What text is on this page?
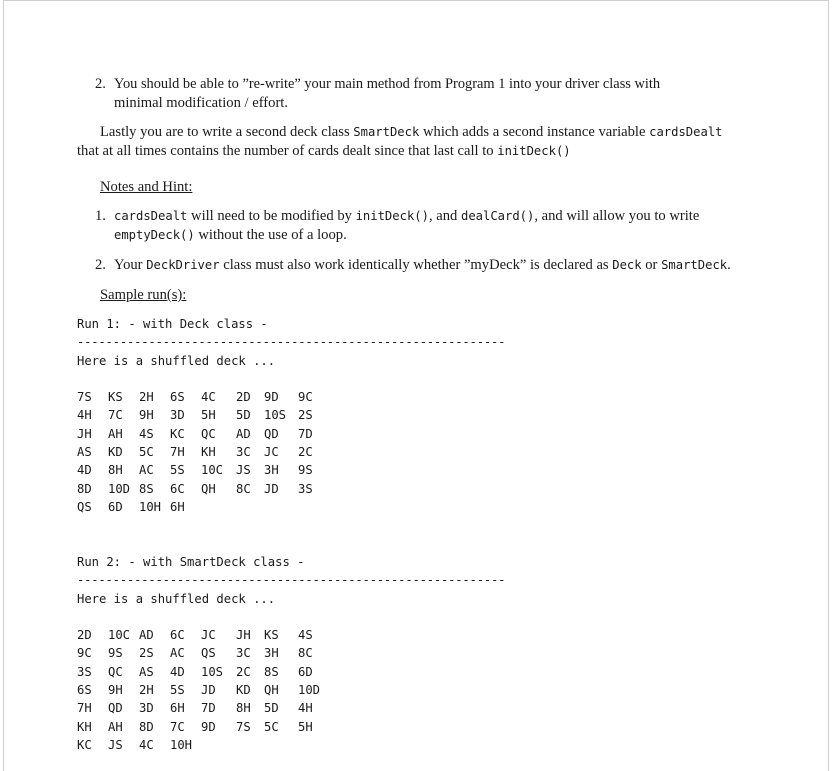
2. You should be able to ”re-write” your main method from Program 1 into your driver class with
minimal modification / effort.
Lastly you are to write a second deck class SmartDeck which adds a second instance variable cardsDealt
that at all times contains the number of cards dealt since that last call to initDeck()
Notes and Hint:
1. cardsDealt will need to be modified by initDeck(), and dealCard(), and will allow you to write
emptyDeck() without the use of a loop.
2. Your DeckDriver class must also work identically whether ”myDeck” is declared as Deck or SmartDeck.
Sample run(s):
Run 1: - with Deck class -
------------------------------------------------------------
Here is a shuffled deck ...
7S KS 2H 6S 4C 2D 9D 9C
4H 7C 9H 3D 5H 5D 10S 2S
JH AH 4S KC QC AD QD 7D
AS KD 5C 7H KH 3C JC 2C
4D 8H AC 5S 10C JS 3H 9S
8D 10D 8S 6C QH 8C JD 3S
QS 6D 10H 6H
Run 2: - with SmartDeck class -
------------------------------------------------------------
Here is a shuffled deck ...
2D 10C AD 6C JC JH KS 4S
9C 9S 2S AC QS 3C 3H 8C
3S QC AS 4D 10S 2C 8S 6D
6S 9H 2H 5S JD KD QH 10D
7H QD 3D 6H 7D 8H 5D 4H
KH AH 8D 7C 9D 7S 5C 5H
KC JS 4C 10H
